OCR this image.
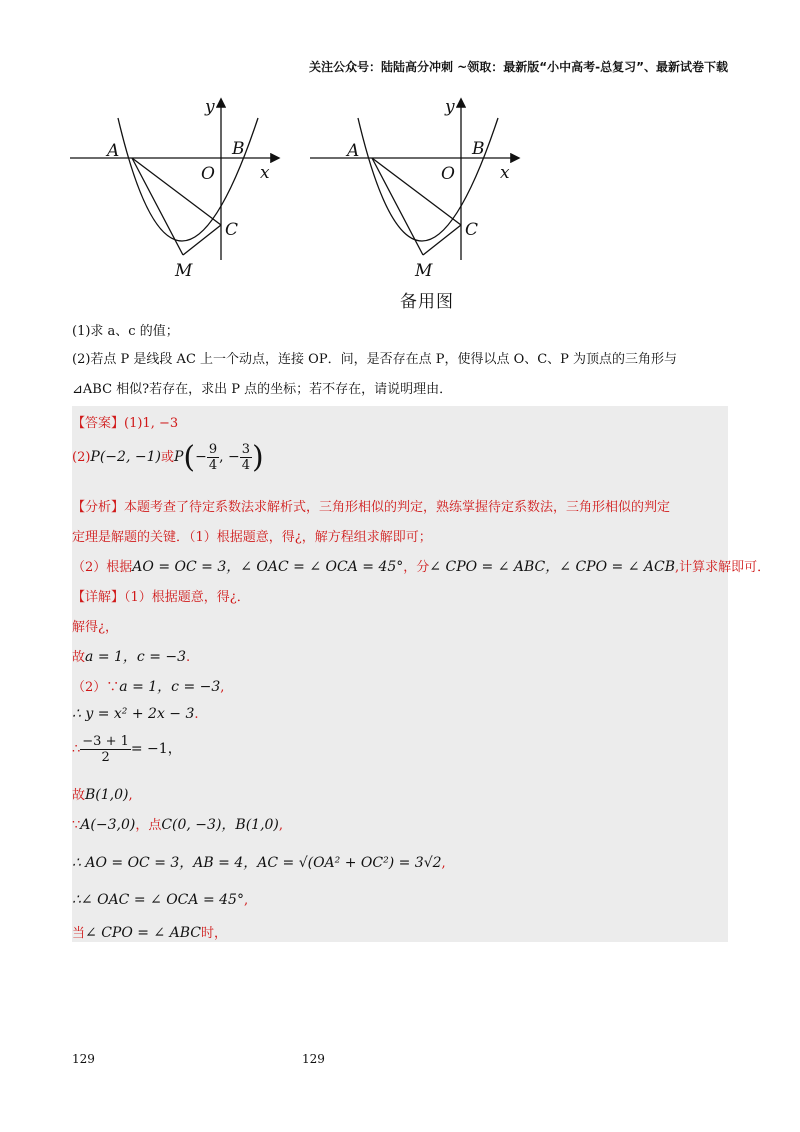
关注公众号：陆陆高分冲刺 ~领取：最新版“小中高考-总复习”、最新试卷下载
y
A	B
O	x
C
M
y
A	B
O	x
C
M
备用图
(1)求 a、c 的值；
(2)若点 P 是线段 AC 上一个动点，连接 OP．问，是否存在点 P，使得以点 O、C、P 为顶点的三角形与
⊿ABC 相似?若存在，求出 P 点的坐标；若不存在，请说明理由．
【答案】(1)1, −3
(2)P(−2, −1)或$P(- \frac{9}{4}$ , − $\frac{3}{4}$ )
【分析】本题考查了待定系数法求解析式，三角形相似的判定，熟练掌握待定系数法，三角形相似的判定
定理是解题的关键．（1）根据题意，得¿，解方程组求解即可；
（2）根据AO = OC = 3，∠ OAC = ∠ OCA = 45°，分∠ CPO = ∠ ABC，∠ CPO = ∠ ACB,计算求解即可．
【详解】（1）根据题意，得¿．
解得¿，
故a = 1，c = −3.
（2）∵a = 1，c = −3,
∴ y = x² + 2x − 3.
∴ $\frac{-3 + 1}{2} = -1$，
故B(1,0),
∵A(−3,0)，点C(0, −3)，B(1,0),
∴ AO = OC = 3，AB = 4，AC = √(OA² + OC²) = 3√2,
∴∠ OAC = ∠ OCA = 45°,
当∠ CPO = ∠ ABC时，
129	129
